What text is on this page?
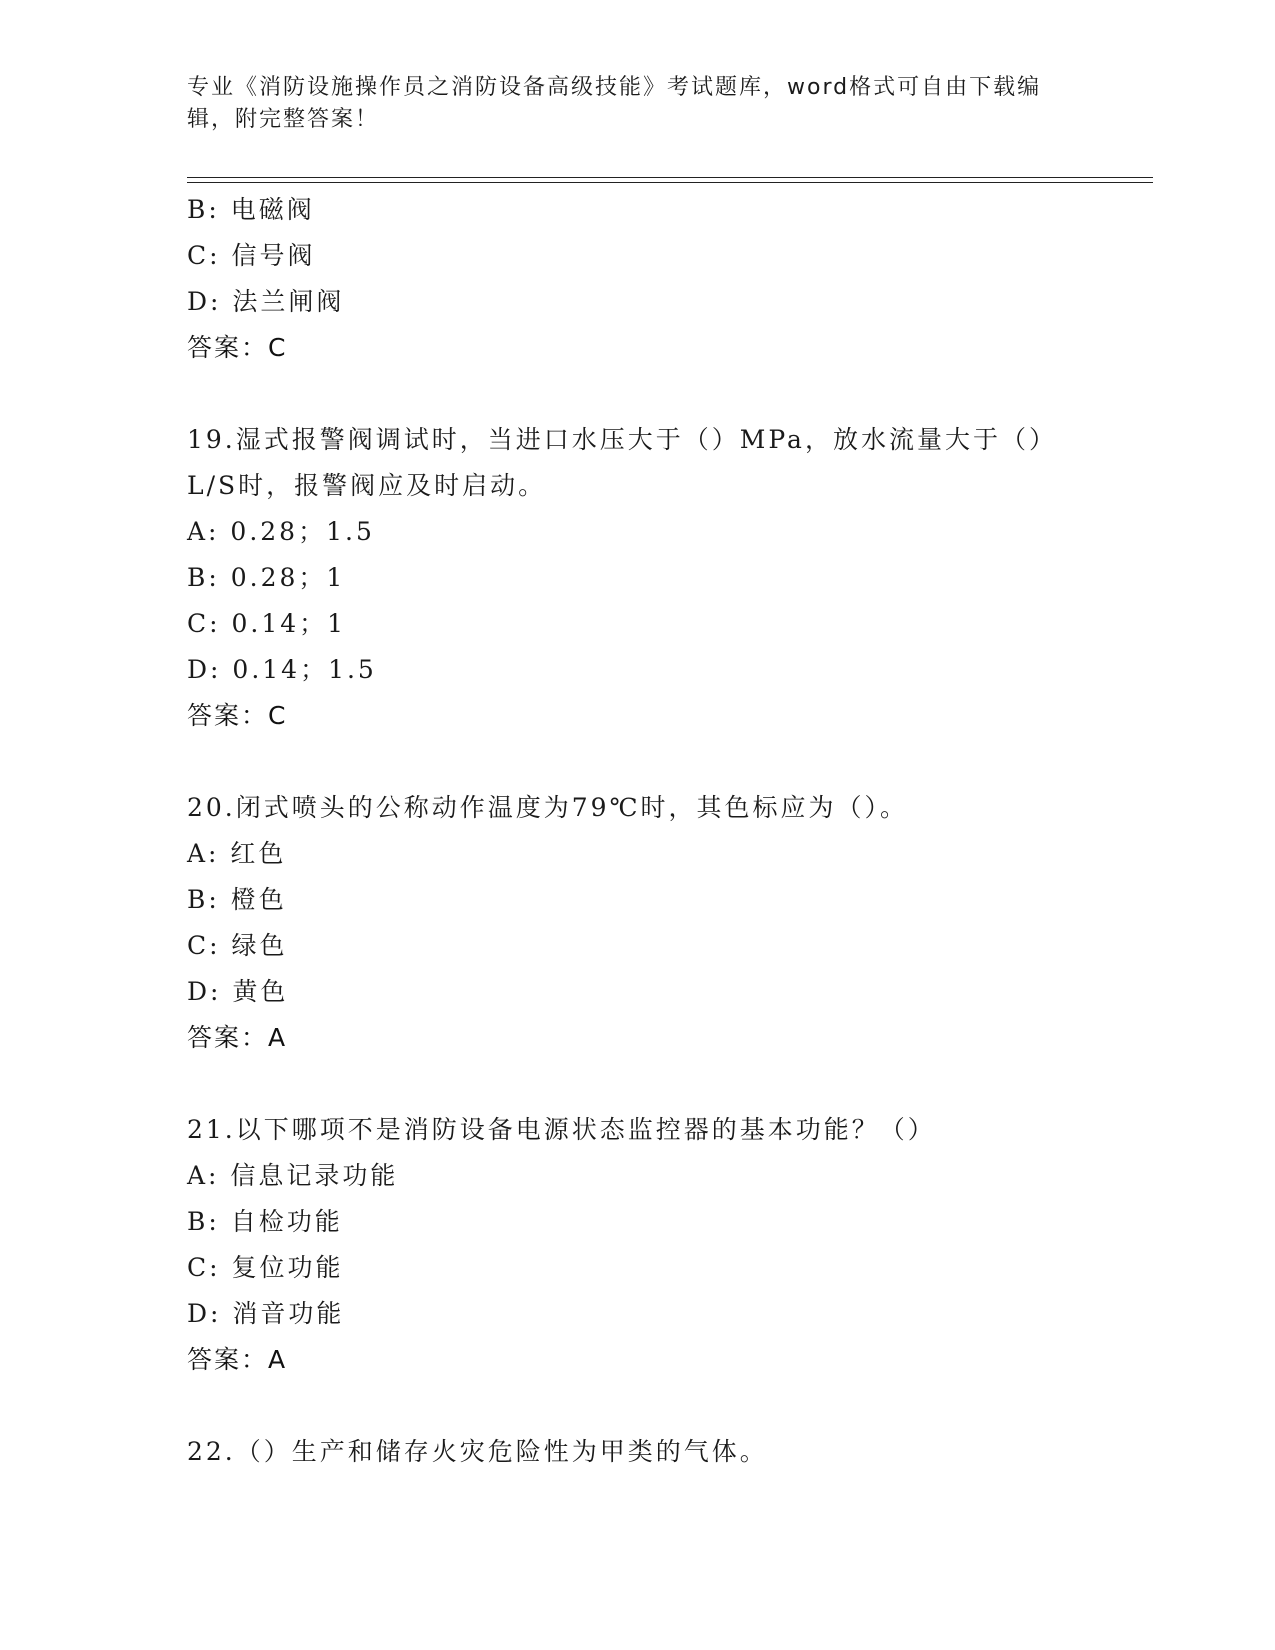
专业《消防设施操作员之消防设备高级技能》考试题库，word格式可自由下载编辑，附完整答案！
B: 电磁阀
C: 信号阀
D: 法兰闸阀
答案：C
19.湿式报警阀调试时，当进口水压大于（）MPa，放水流量大于（）L/S时，报警阀应及时启动。
A: 0.28；1.5
B: 0.28；1
C: 0.14；1
D: 0.14；1.5
答案：C
20.闭式喷头的公称动作温度为79℃时，其色标应为（）。
A: 红色
B: 橙色
C: 绿色
D: 黄色
答案：A
21.以下哪项不是消防设备电源状态监控器的基本功能？（）
A: 信息记录功能
B: 自检功能
C: 复位功能
D: 消音功能
答案：A
22.（）生产和储存火灾危险性为甲类的气体。
